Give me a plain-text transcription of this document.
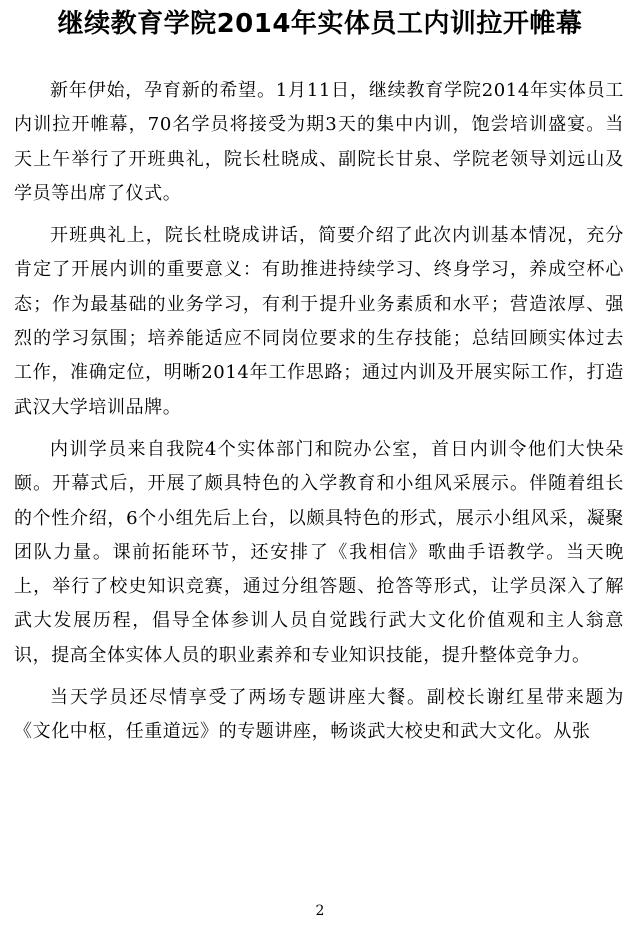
继续教育学院2014年实体员工内训拉开帷幕

新年伊始，孕育新的希望。1月11日，继续教育学院2014年实体员工内训拉开帷幕，70名学员将接受为期3天的集中内训，饱尝培训盛宴。当天上午举行了开班典礼，院长杜晓成、副院长甘泉、学院老领导刘远山及学员等出席了仪式。

开班典礼上，院长杜晓成讲话，简要介绍了此次内训基本情况，充分肯定了开展内训的重要意义：有助推进持续学习、终身学习，养成空杯心态；作为最基础的业务学习，有利于提升业务素质和水平；营造浓厚、强烈的学习氛围；培养能适应不同岗位要求的生存技能；总结回顾实体过去工作，准确定位，明晰2014年工作思路；通过内训及开展实际工作，打造武汉大学培训品牌。

内训学员来自我院4个实体部门和院办公室，首日内训令他们大快朵颐。开幕式后，开展了颇具特色的入学教育和小组风采展示。伴随着组长的个性介绍，6个小组先后上台，以颇具特色的形式，展示小组风采，凝聚团队力量。课前拓能环节，还安排了《我相信》歌曲手语教学。当天晚上，举行了校史知识竞赛，通过分组答题、抢答等形式，让学员深入了解武大发展历程，倡导全体参训人员自觉践行武大文化价值观和主人翁意识，提高全体实体人员的职业素养和专业知识技能，提升整体竞争力。

当天学员还尽情享受了两场专题讲座大餐。副校长谢红星带来题为《文化中枢，任重道远》的专题讲座，畅谈武大校史和武大文化。从张

2
